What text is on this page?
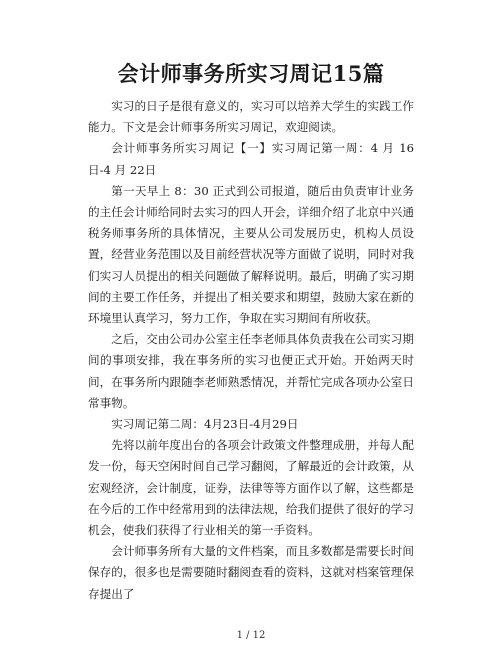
会计师事务所实习周记15篇

实习的日子是很有意义的，实习可以培养大学生的实践工作能力。下文是会计师事务所实习周记，欢迎阅读。

会计师事务所实习周记【一】实习周记第一周：4 月 16 日-4 月 22日

第一天早上 8：30 正式到公司报道，随后由负责审计业务的主任会计师给同时去实习的四人开会，详细介绍了北京中兴通税务师事务所的具体情况，主要从公司发展历史，机构人员设置，经营业务范围以及目前经营状况等方面做了说明，同时对我们实习人员提出的相关问题做了解释说明。最后，明确了实习期间的主要工作任务，并提出了相关要求和期望，鼓励大家在新的环境里认真学习，努力工作，争取在实习期间有所收获。

之后，交由公司办公室主任李老师具体负责我在公司实习期间的事项安排，我在事务所的实习也便正式开始。开始两天时间，在事务所内跟随李老师熟悉情况，并帮忙完成各项办公室日常事物。

实习周记第二周：4月23日-4月29日

先将以前年度出台的各项会计政策文件整理成册，并每人配发一份，每天空闲时间自己学习翻阅，了解最近的会计政策，从宏观经济，会计制度，证券，法律等等方面作以了解，这些都是在今后的工作中经常用到的法律法规，给我们提供了很好的学习机会，使我们获得了行业相关的第一手资料。

会计师事务所有大量的文件档案，而且多数都是需要长时间保存的，很多也是需要随时翻阅查看的资料，这就对档案管理保存提出了

1 / 12
